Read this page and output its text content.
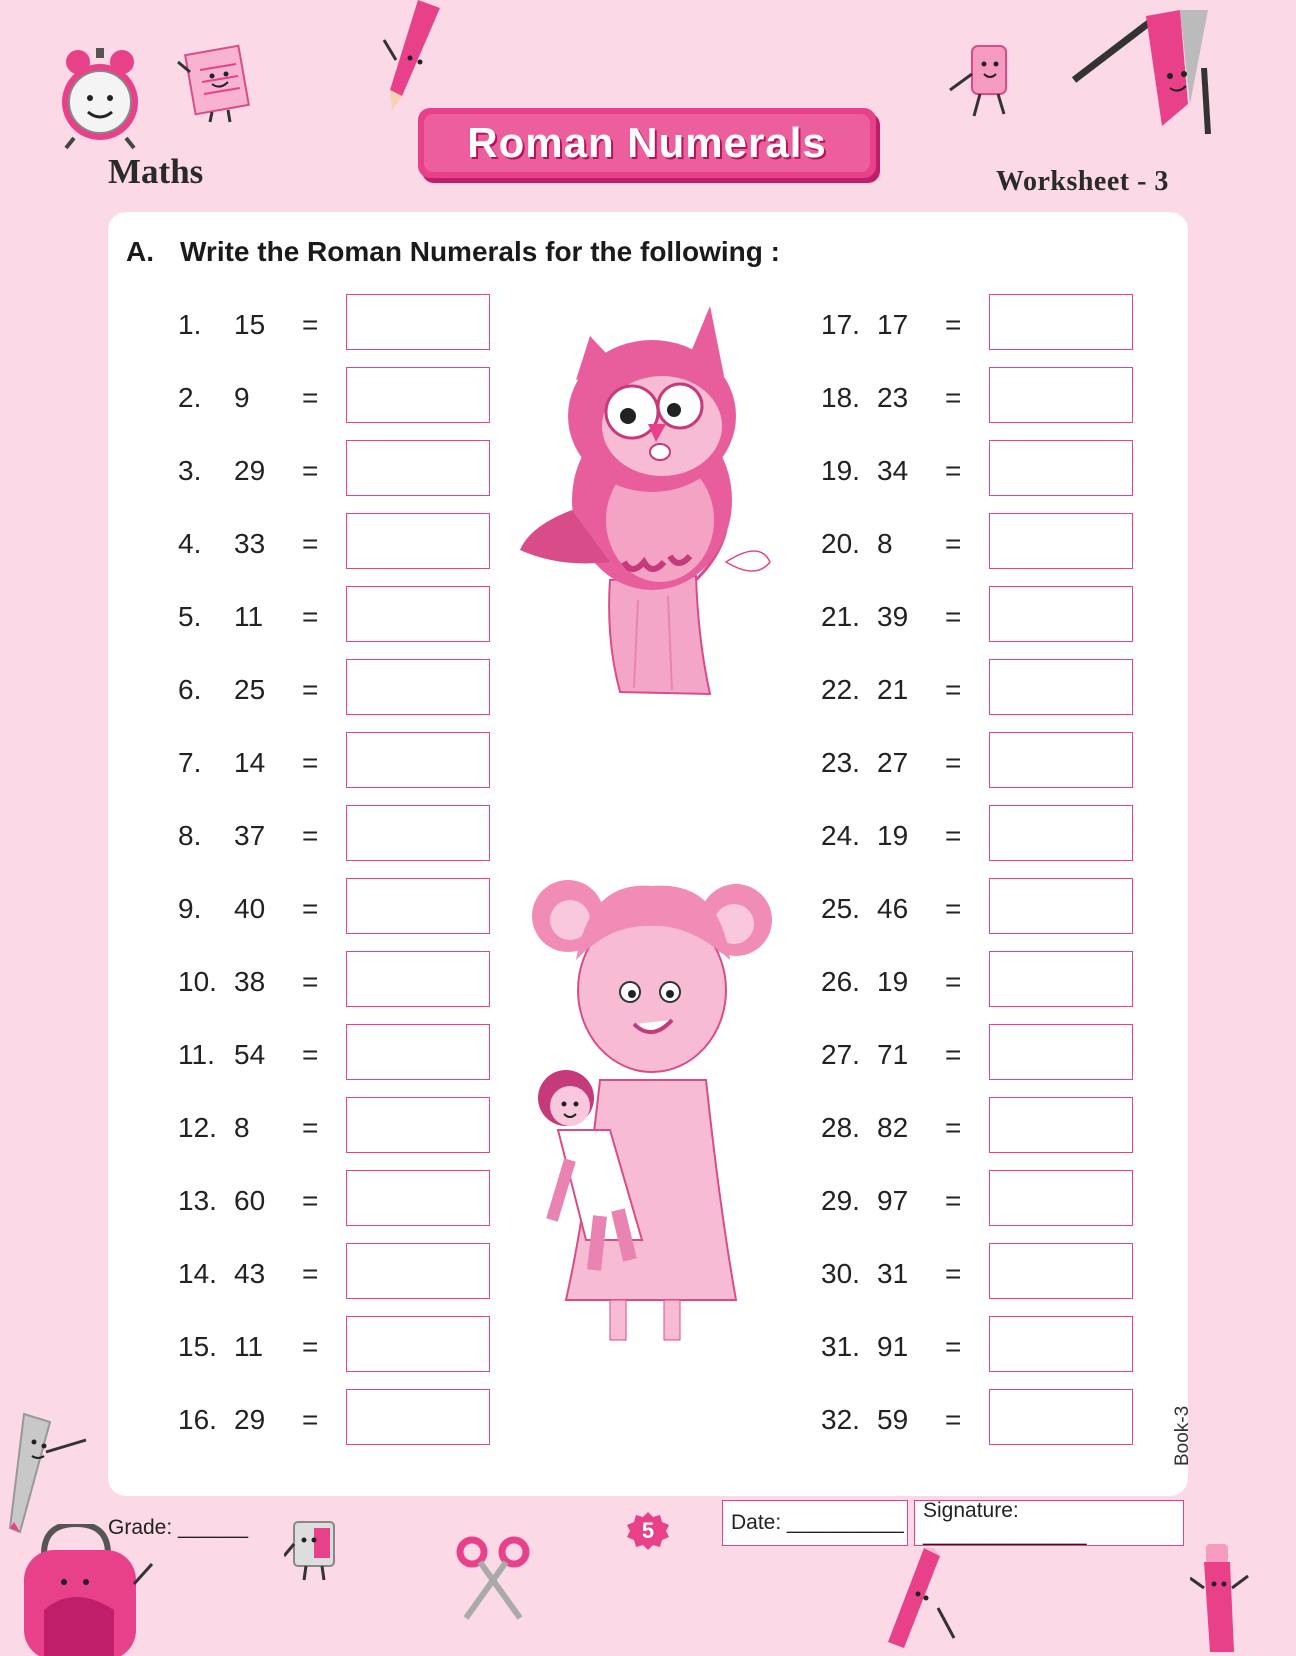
Maths
Roman Numerals
Worksheet - 3
A. Write the Roman Numerals for the following :
1. 15 =
2. 9 =
3. 29 =
4. 33 =
5. 11 =
6. 25 =
7. 14 =
8. 37 =
9. 40 =
10. 38 =
11. 54 =
12. 8 =
13. 60 =
14. 43 =
15. 11 =
16. 29 =
17. 17 =
18. 23 =
19. 34 =
20. 8 =
21. 39 =
22. 21 =
23. 27 =
24. 19 =
25. 46 =
26. 19 =
27. 71 =
28. 82 =
29. 97 =
30. 31 =
31. 91 =
32. 59 =
Grade: ______	5	Date: __________
Signature: ______________
Book-3
